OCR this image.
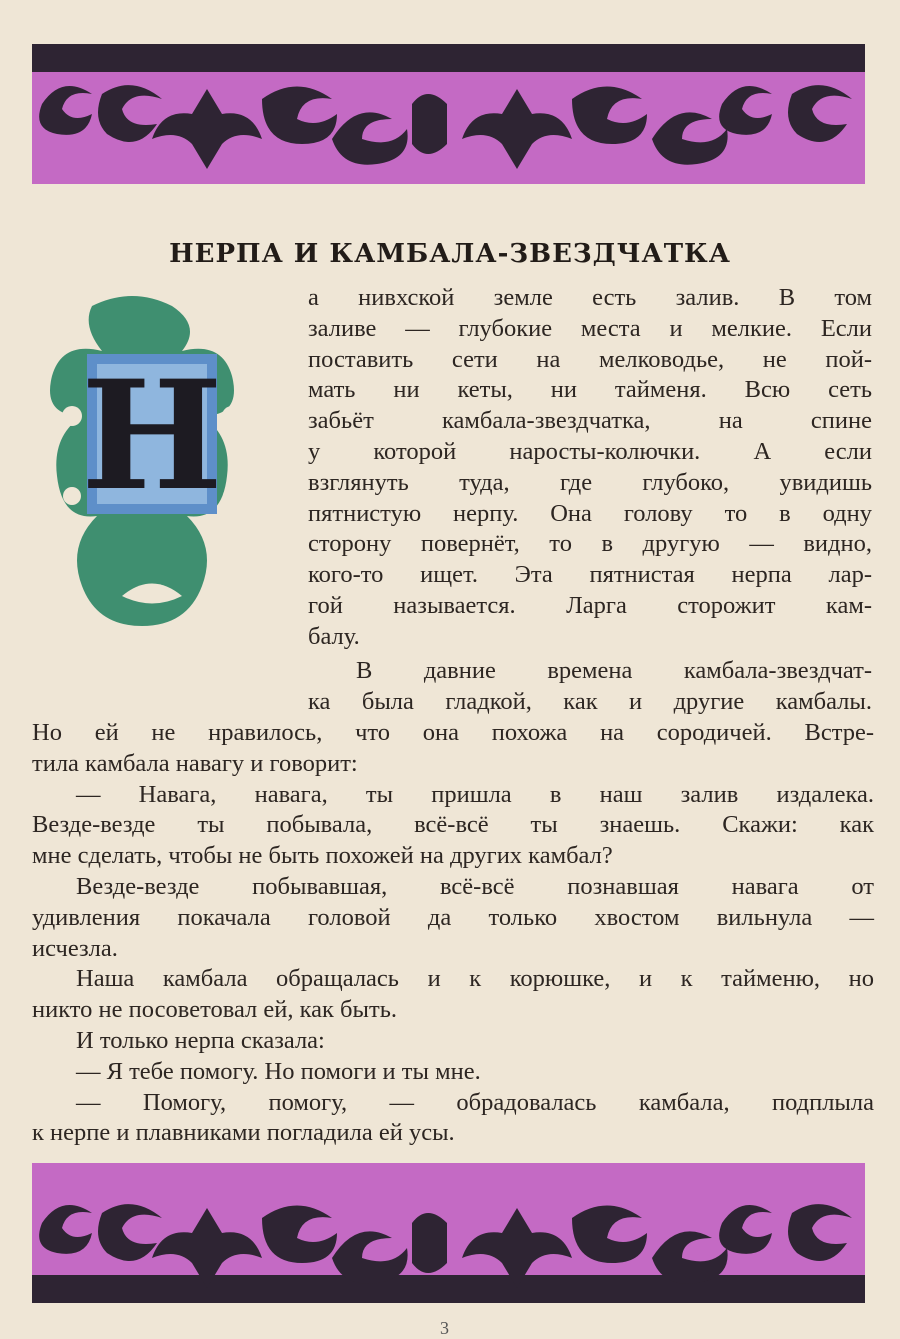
НЕРПА И КАМБАЛА-ЗВЕЗДЧАТКА
Н
а нивхской земле есть залив. В том
заливе — глубокие места и мелкие. Если
поставить сети на мелководье, не пой-
мать ни кеты, ни тайменя. Всю сеть
забьёт камбала-звездчатка, на спине
у которой наросты-колючки. А если
взглянуть туда, где глубоко, увидишь
пятнистую нерпу. Она голову то в одну
сторону повернёт, то в другую — видно,
кого-то ищет. Эта пятнистая нерпа лар-
гой называется. Ларга сторожит кам-
балу.
В давние времена камбала-звездчат-
ка была гладкой, как и другие камбалы.
Но ей не нравилось, что она похожа на сородичей. Встре-
тила камбала навагу и говорит:
— Навага, навага, ты пришла в наш залив издалека.
Везде-везде ты побывала, всё-всё ты знаешь. Скажи: как
мне сделать, чтобы не быть похожей на других камбал?
Везде-везде побывавшая, всё-всё познавшая навага от
удивления покачала головой да только хвостом вильнула —
исчезла.
Наша камбала обращалась и к корюшке, и к тайменю, но
никто не посоветовал ей, как быть.
И только нерпа сказала:
— Я тебе помогу. Но помоги и ты мне.
— Помогу, помогу, — обрадовалась камбала, подплыла
к нерпе и плавниками погладила ей усы.
3
